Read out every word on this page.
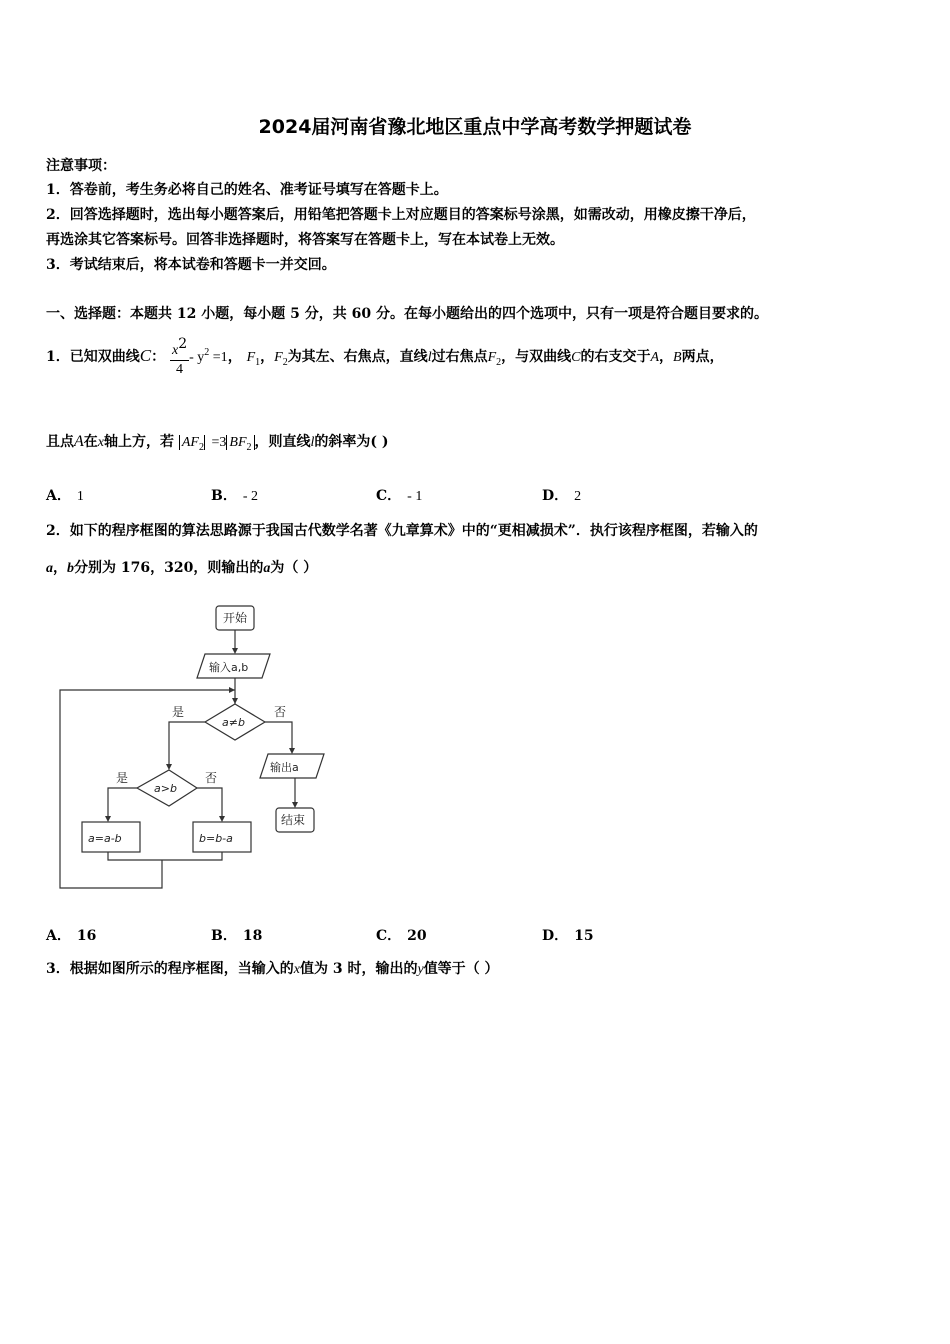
2024届河南省豫北地区重点中学高考数学押题试卷
注意事项：
1．答卷前，考生务必将自己的姓名、准考证号填写在答题卡上。
2．回答选择题时，选出每小题答案后，用铅笔把答题卡上对应题目的答案标号涂黑，如需改动，用橡皮擦干净后，
再选涂其它答案标号。回答非选择题时，将答案写在答题卡上，写在本试卷上无效。
3．考试结束后，将本试卷和答题卡一并交回。
一、选择题：本题共 12 小题，每小题 5 分，共 60 分。在每小题给出的四个选项中，只有一项是符合题目要求的。
1．已知双曲线C： $\frac{x2}{4} - y^2 =1$， $F_1$，$F_2$为其左、右焦点，直线l过右焦点$F_2$，与双曲线C的右支交于A，B两点，
且点A在x轴上方，若 $AF_2 =3$ $BF_2$ ，则直线l的斜率为( )
A． 1	B． - 2	C． - 1	D． 2
2．如下的程序框图的算法思路源于我国古代数学名著《九章算术》中的“更相减损术”．执行该程序框图，若输入的
a，b分别为 176，320，则输出的a为（ ）
开始
输入a,b
a≠b
是	否
输出a
结束
a>b
是	否
a=a-b	b=b-a
A． 16	B． 18	C． 20	D． 15
3．根据如图所示的程序框图，当输入的x值为 3 时，输出的y值等于（ ）
